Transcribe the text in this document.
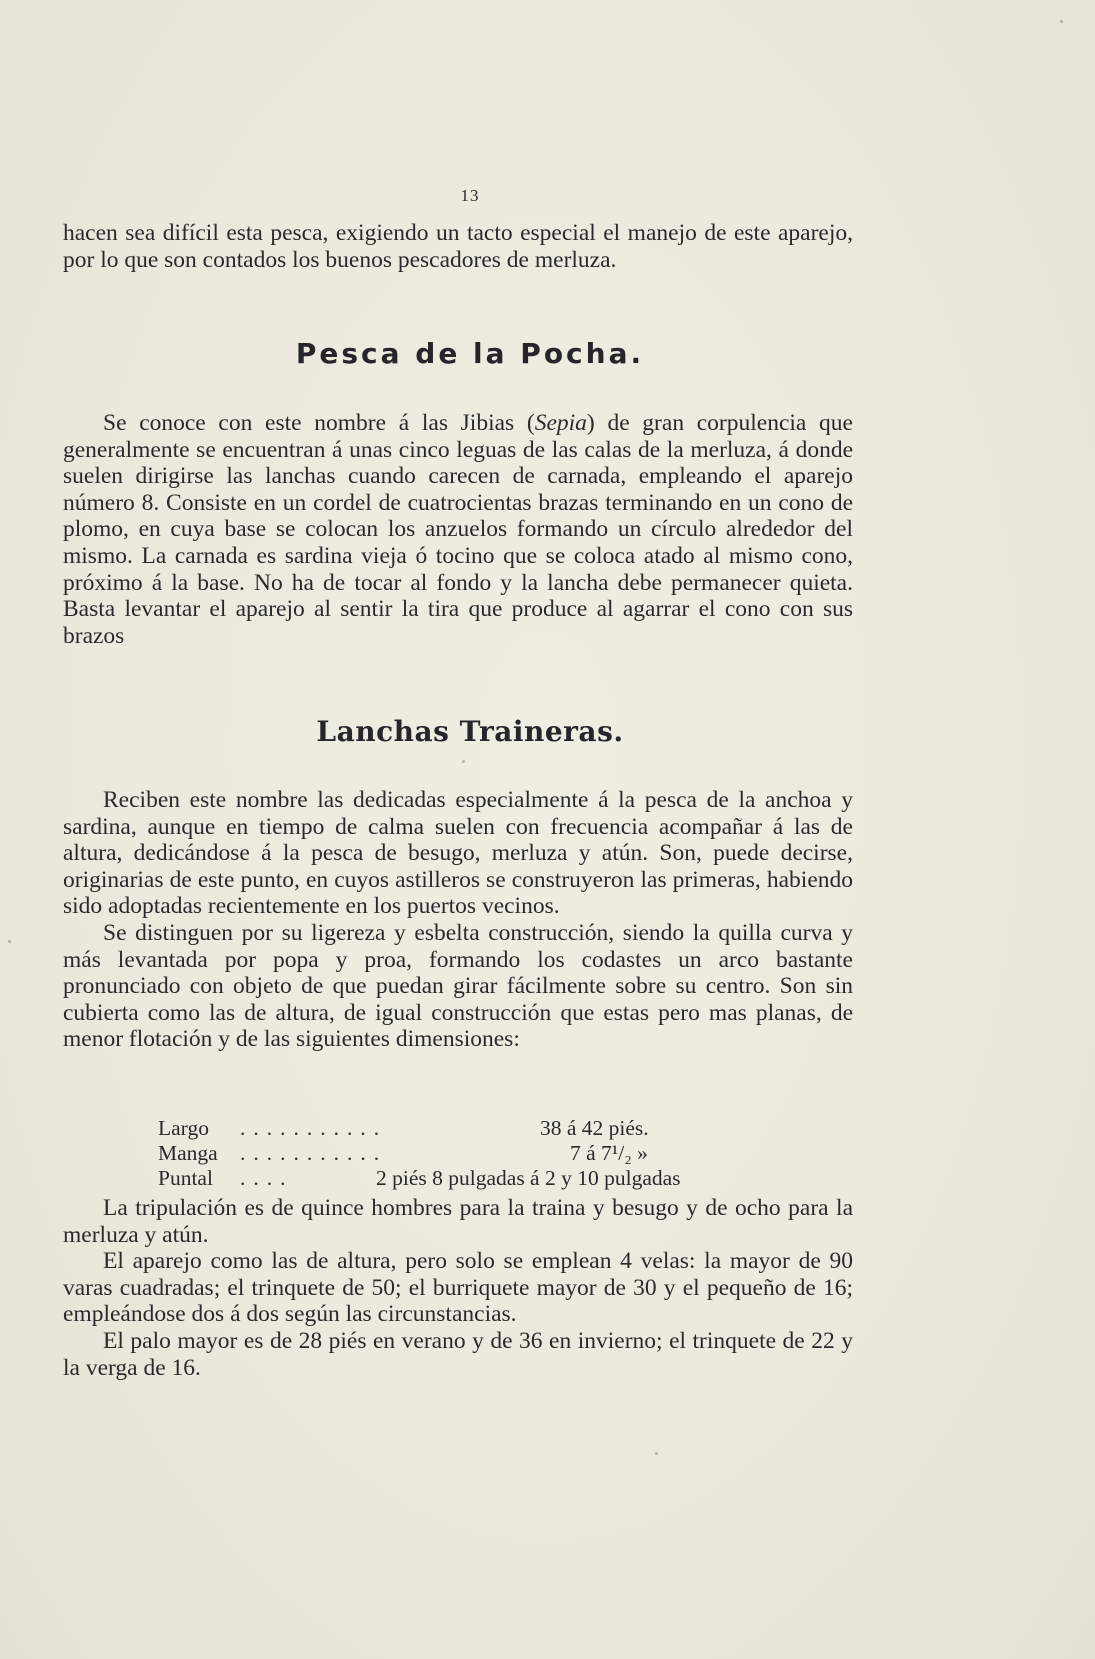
13

hacen sea difícil esta pesca, exigiendo un tacto especial el manejo de este aparejo, por lo que son contados los buenos pescadores de merluza.

Pesca de la Pocha.

Se conoce con este nombre á las Jibias (Sepia) de gran corpulencia que generalmente se encuentran á unas cinco leguas de las calas de la merluza, á donde suelen dirigirse las lanchas cuando carecen de carnada, empleando el aparejo número 8. Consiste en un cordel de cuatrocientas brazas terminando en un cono de plomo, en cuya base se colocan los anzuelos formando un círculo alrededor del mismo. La carnada es sardina vieja ó tocino que se coloca atado al mismo cono, próximo á la base. No ha de tocar al fondo y la lancha debe permanecer quieta. Basta levantar el aparejo al sentir la tira que produce al agarrar el cono con sus brazos

Lanchas Traineras.

Reciben este nombre las dedicadas especialmente á la pesca de la anchoa y sardina, aunque en tiempo de calma suelen con frecuencia acompañar á las de altura, dedicándose á la pesca de besugo, merluza y atún. Son, puede decirse, originarias de este punto, en cuyos astilleros se construyeron las primeras, habiendo sido adoptadas recientemente en los puertos vecinos.

Se distinguen por su ligereza y esbelta construcción, siendo la quilla curva y más levantada por popa y proa, formando los codastes un arco bastante pronunciado con objeto de que puedan girar fácilmente sobre su centro. Son sin cubierta como las de altura, de igual construcción que estas pero mas planas, de menor flotación y de las siguientes dimensiones:

Largo	...........	38 á 42 piés.
Manga	...........	7 á 7¹/₂ »
Puntal	....	2 piés 8 pulgadas á 2 y 10 pulgadas

La tripulación es de quince hombres para la traina y besugo y de ocho para la merluza y atún.

El aparejo como las de altura, pero solo se emplean 4 velas: la mayor de 90 varas cuadradas; el trinquete de 50; el burriquete mayor de 30 y el pequeño de 16; empleándose dos á dos según las circunstancias.

El palo mayor es de 28 piés en verano y de 36 en invierno; el trinquete de 22 y la verga de 16.
